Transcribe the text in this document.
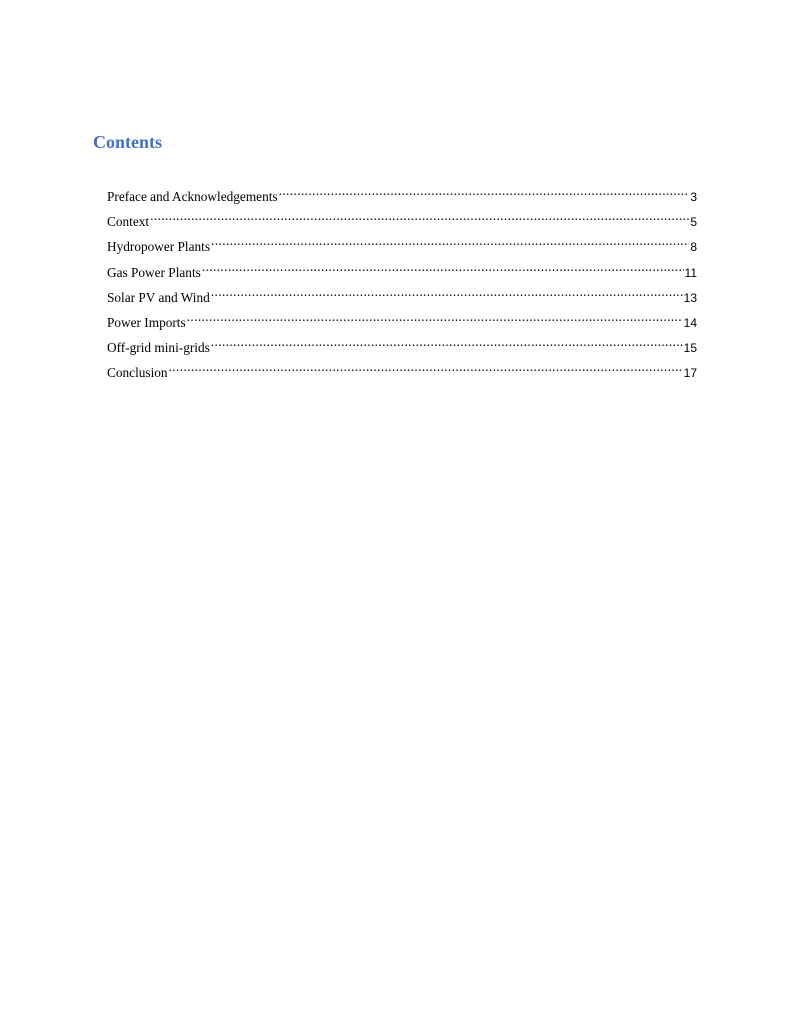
Contents
Preface and Acknowledgements .....	3
Context .....	5
Hydropower Plants .....	8
Gas Power Plants .....	11
Solar PV and Wind .....	13
Power Imports .....	14
Off-grid mini-grids .....	15
Conclusion .....	17
